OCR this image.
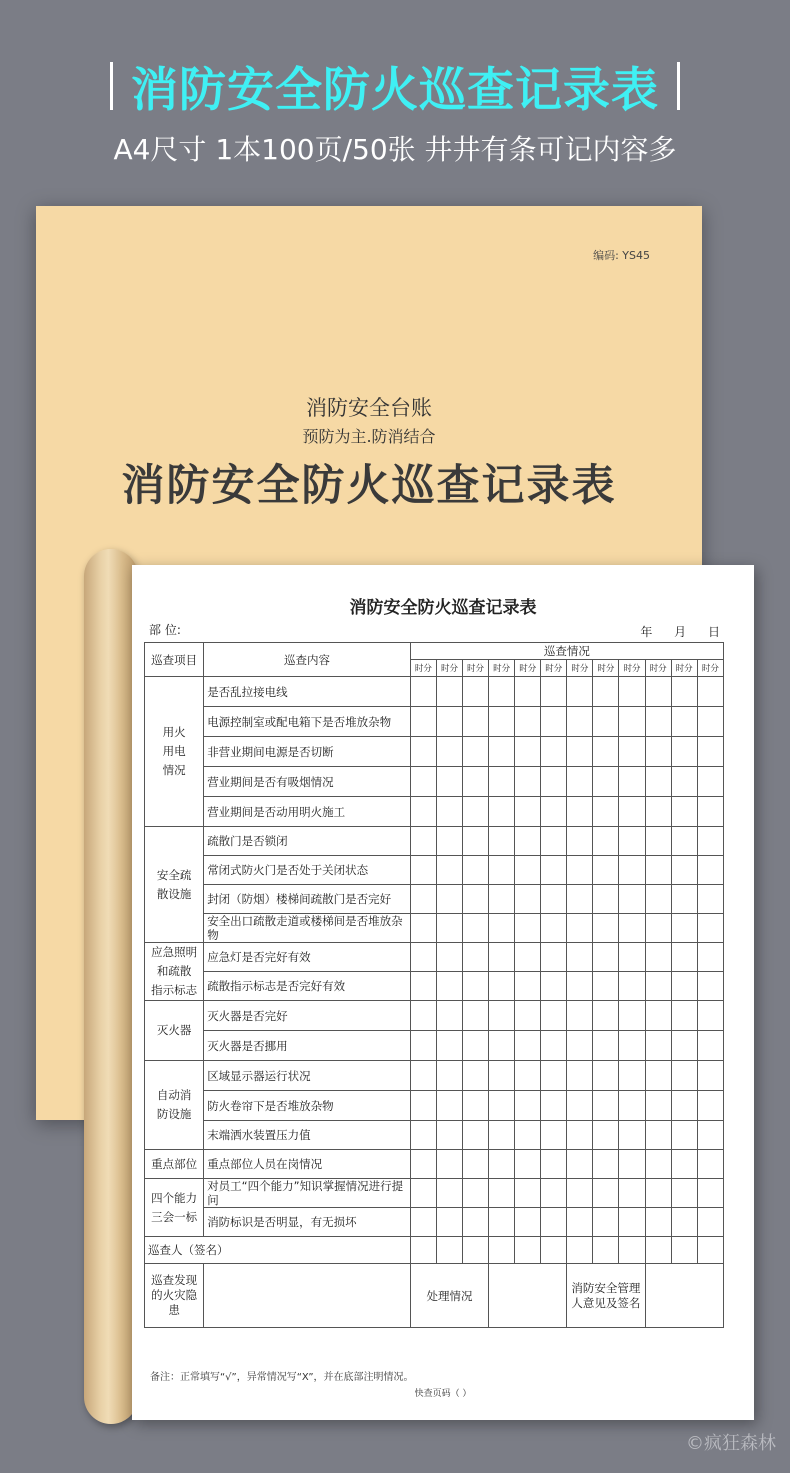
消防安全防火巡查记录表
A4尺寸 1本100页/50张 井井有条可记内容多
编码: YS45
消防安全台账
预防为主.防消结合
消防安全防火巡查记录表
消防安全防火巡查记录表
部 位:	年 月 日
巡查项目	巡查内容	巡查情况											
		时分	时分	时分	时分	时分	时分	时分	时分	时分	时分	时分	时分
用火
用电
情况	是否乱拉接电线												
	电源控制室或配电箱下是否堆放杂物												
	非营业期间电源是否切断												
	营业期间是否有吸烟情况												
	营业期间是否动用明火施工												
安全疏
散设施	疏散门是否锁闭												
	常闭式防火门是否处于关闭状态												
	封闭（防烟）楼梯间疏散门是否完好												
	安全出口疏散走道或楼梯间是否堆放杂物												
应急照明
和疏散
指示标志	应急灯是否完好有效												
	疏散指示标志是否完好有效												
灭火器	灭火器是否完好												
	灭火器是否挪用												
自动消
防设施	区域显示器运行状况												
	防火卷帘下是否堆放杂物												
	末端洒水装置压力值												
重点部位	重点部位人员在岗情况												
四个能力
三会一标	对员工“四个能力”知识掌握情况进行提问												
	消防标识是否明显，有无损坏												
巡查人（签名）													
巡查发现的火灾隐患		处理情况						消防安全管理人意见及签名					
备注：正常填写“√”，异常情况写“X”，并在底部注明情况。
快查页码（ ）
©疯狂森林
